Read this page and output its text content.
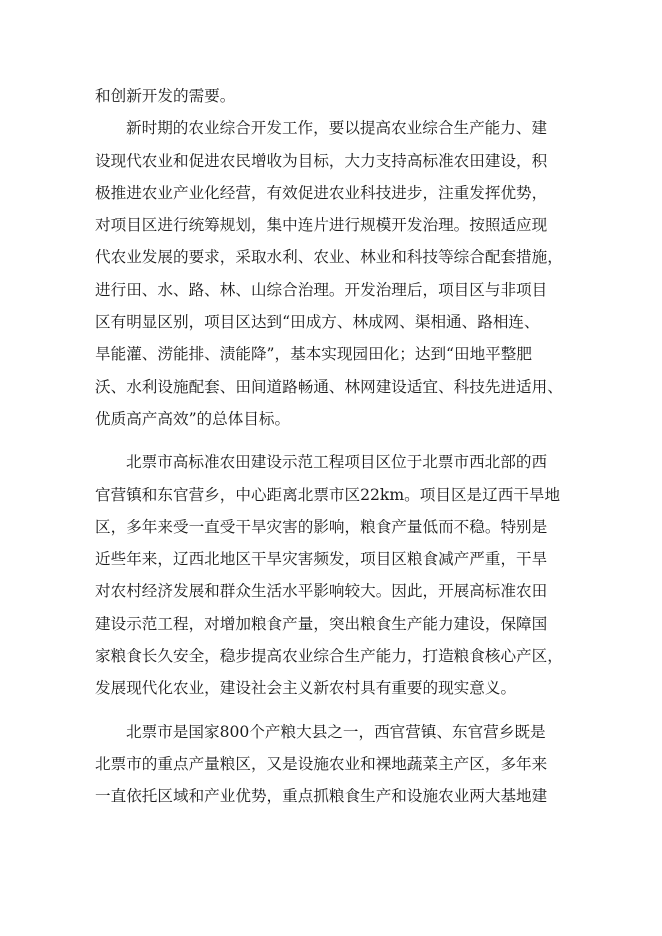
和创新开发的需要。
新时期的农业综合开发工作，要以提高农业综合生产能力、建
设现代农业和促进农民增收为目标，大力支持高标准农田建设，积
极推进农业产业化经营，有效促进农业科技进步，注重发挥优势，
对项目区进行统筹规划，集中连片进行规模开发治理。按照适应现
代农业发展的要求，采取水利、农业、林业和科技等综合配套措施，
进行田、水、路、林、山综合治理。开发治理后，项目区与非项目
区有明显区别，项目区达到“田成方、林成网、渠相通、路相连、
旱能灌、涝能排、渍能降”，基本实现园田化；达到“田地平整肥
沃、水利设施配套、田间道路畅通、林网建设适宜、科技先进适用、
优质高产高效”的总体目标。
北票市高标准农田建设示范工程项目区位于北票市西北部的西
官营镇和东官营乡，中心距离北票市区22km。项目区是辽西干旱地
区，多年来受一直受干旱灾害的影响，粮食产量低而不稳。特别是
近些年来，辽西北地区干旱灾害频发，项目区粮食减产严重，干旱
对农村经济发展和群众生活水平影响较大。因此，开展高标准农田
建设示范工程，对增加粮食产量，突出粮食生产能力建设，保障国
家粮食长久安全，稳步提高农业综合生产能力，打造粮食核心产区，
发展现代化农业，建设社会主义新农村具有重要的现实意义。
北票市是国家800个产粮大县之一，西官营镇、东官营乡既是
北票市的重点产量粮区，又是设施农业和裸地蔬菜主产区，多年来
一直依托区域和产业优势，重点抓粮食生产和设施农业两大基地建
